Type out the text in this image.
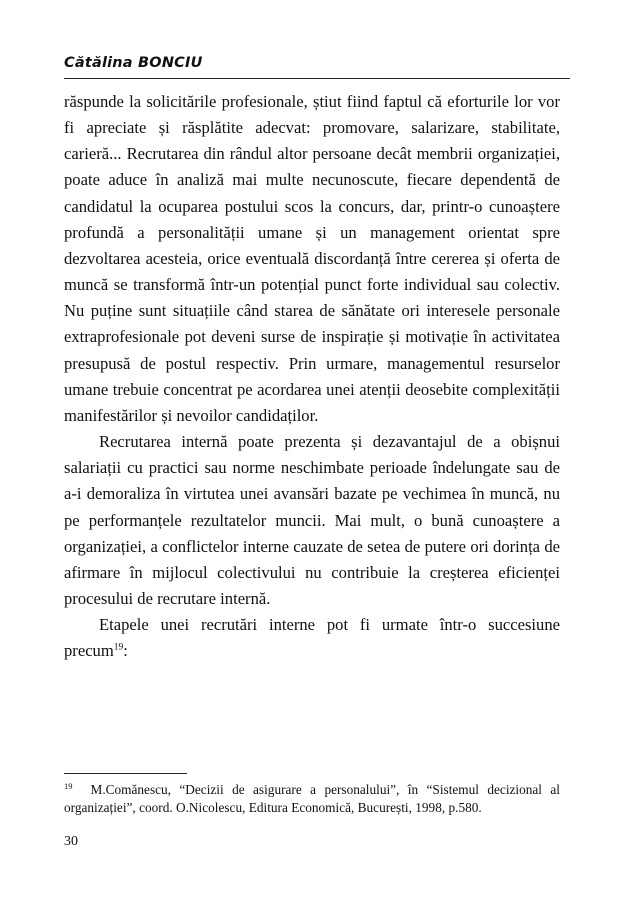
Cătălina BONCIU

răspunde la solicitările profesionale, știut fiind faptul că eforturile lor vor fi apreciate și răsplătite adecvat: promovare, salarizare, stabilitate, carieră... Recrutarea din rândul altor persoane decât membrii organizației, poate aduce în analiză mai multe necunoscute, fiecare dependentă de candidatul la ocuparea postului scos la concurs, dar, printr-o cunoaștere profundă a personalității umane și un management orientat spre dezvoltarea acesteia, orice eventuală discordanță între cererea și oferta de muncă se transformă într-un potențial punct forte individual sau colectiv. Nu puține sunt situațiile când starea de sănătate ori interesele personale extraprofesionale pot deveni surse de inspirație și motivație în activitatea presupusă de postul respectiv. Prin urmare, managementul resurselor umane trebuie concentrat pe acordarea unei atenții deosebite complexității manifestărilor și nevoilor candidaților.

Recrutarea internă poate prezenta și dezavantajul de a obișnui salariații cu practici sau norme neschimbate perioade îndelungate sau de a-i demoraliza în virtutea unei avansări bazate pe vechimea în muncă, nu pe performanțele rezultatelor muncii. Mai mult, o bună cunoaștere a organizației, a conflictelor interne cauzate de setea de putere ori dorința de afirmare în mijlocul colectivului nu contribuie la creșterea eficienței procesului de recrutare internă.

Etapele unei recrutări interne pot fi urmate într-o succesiune precum$^{19}$:

$^{19}$ M.Comănescu, “Decizii de asigurare a personalului”, în “Sistemul decizional al organizației”, coord. O.Nicolescu, Editura Economică, București, 1998, p.580.
30
